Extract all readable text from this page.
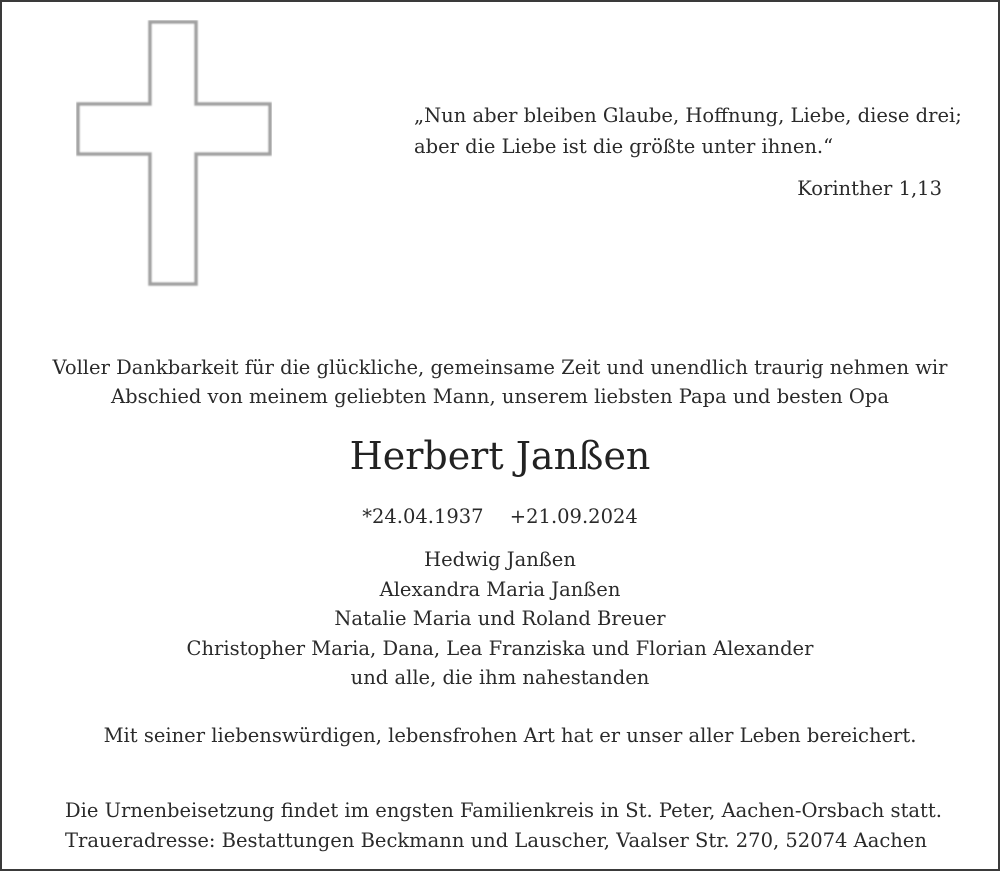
„Nun aber bleiben Glaube, Hoffnung, Liebe, diese drei;
aber die Liebe ist die größte unter ihnen.“
Korinther 1,13
Voller Dankbarkeit für die glückliche, gemeinsame Zeit und unendlich traurig nehmen wir
Abschied von meinem geliebten Mann, unserem liebsten Papa und besten Opa
Herbert Janßen
*24.04.1937 +21.09.2024
Hedwig Janßen
Alexandra Maria Janßen
Natalie Maria und Roland Breuer
Christopher Maria, Dana, Lea Franziska und Florian Alexander
und alle, die ihm nahestanden
Mit seiner liebenswürdigen, lebensfrohen Art hat er unser aller Leben bereichert.
Die Urnenbeisetzung findet im engsten Familienkreis in St. Peter, Aachen-Orsbach statt.
Traueradresse: Bestattungen Beckmann und Lauscher, Vaalser Str. 270, 52074 Aachen
